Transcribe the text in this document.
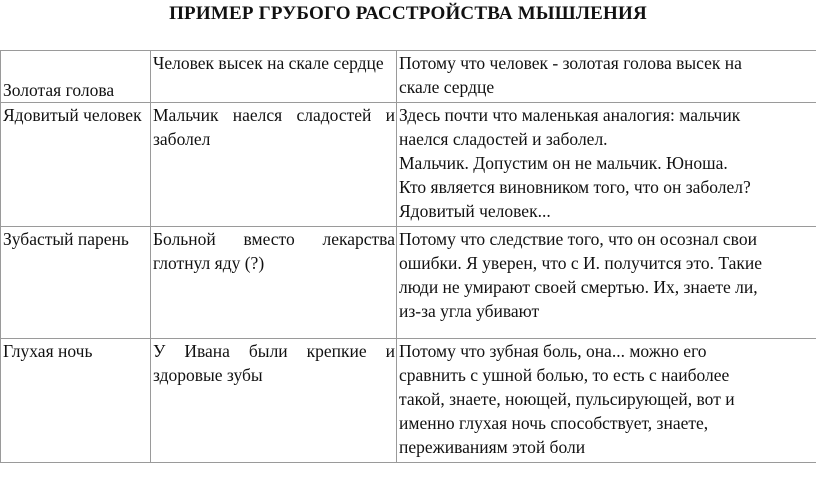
ПРИМЕР ГРУБОГО РАССТРОЙСТВА МЫШЛЕНИЯ
Золотая голова	Человек высек на скале сердце	Потому что человек - золотая голова высек на
скале сердце

Ядовитый человек	Мальчик наелся сладостей и заболел	Здесь почти что маленькая аналогия: мальчик
наелся сладостей и заболел.
Мальчик. Допустим он не мальчик. Юноша.
Кто является виновником того, что он заболел?
Ядовитый человек...

Зубастый парень	Больной вместо лекарства глотнул яду (?)	Потому что следствие того, что он осознал свои
ошибки. Я уверен, что с И. получится это. Такие
люди не умирают своей смертью. Их, знаете ли,
из-за угла убивают

Глухая ночь	У Ивана были крепкие и здоровые зубы	Потому что зубная боль, она... можно его
сравнить с ушной болью, то есть с наиболее
такой, знаете, ноющей, пульсирующей, вот и
именно глухая ночь способствует, знаете,
переживаниям этой боли
